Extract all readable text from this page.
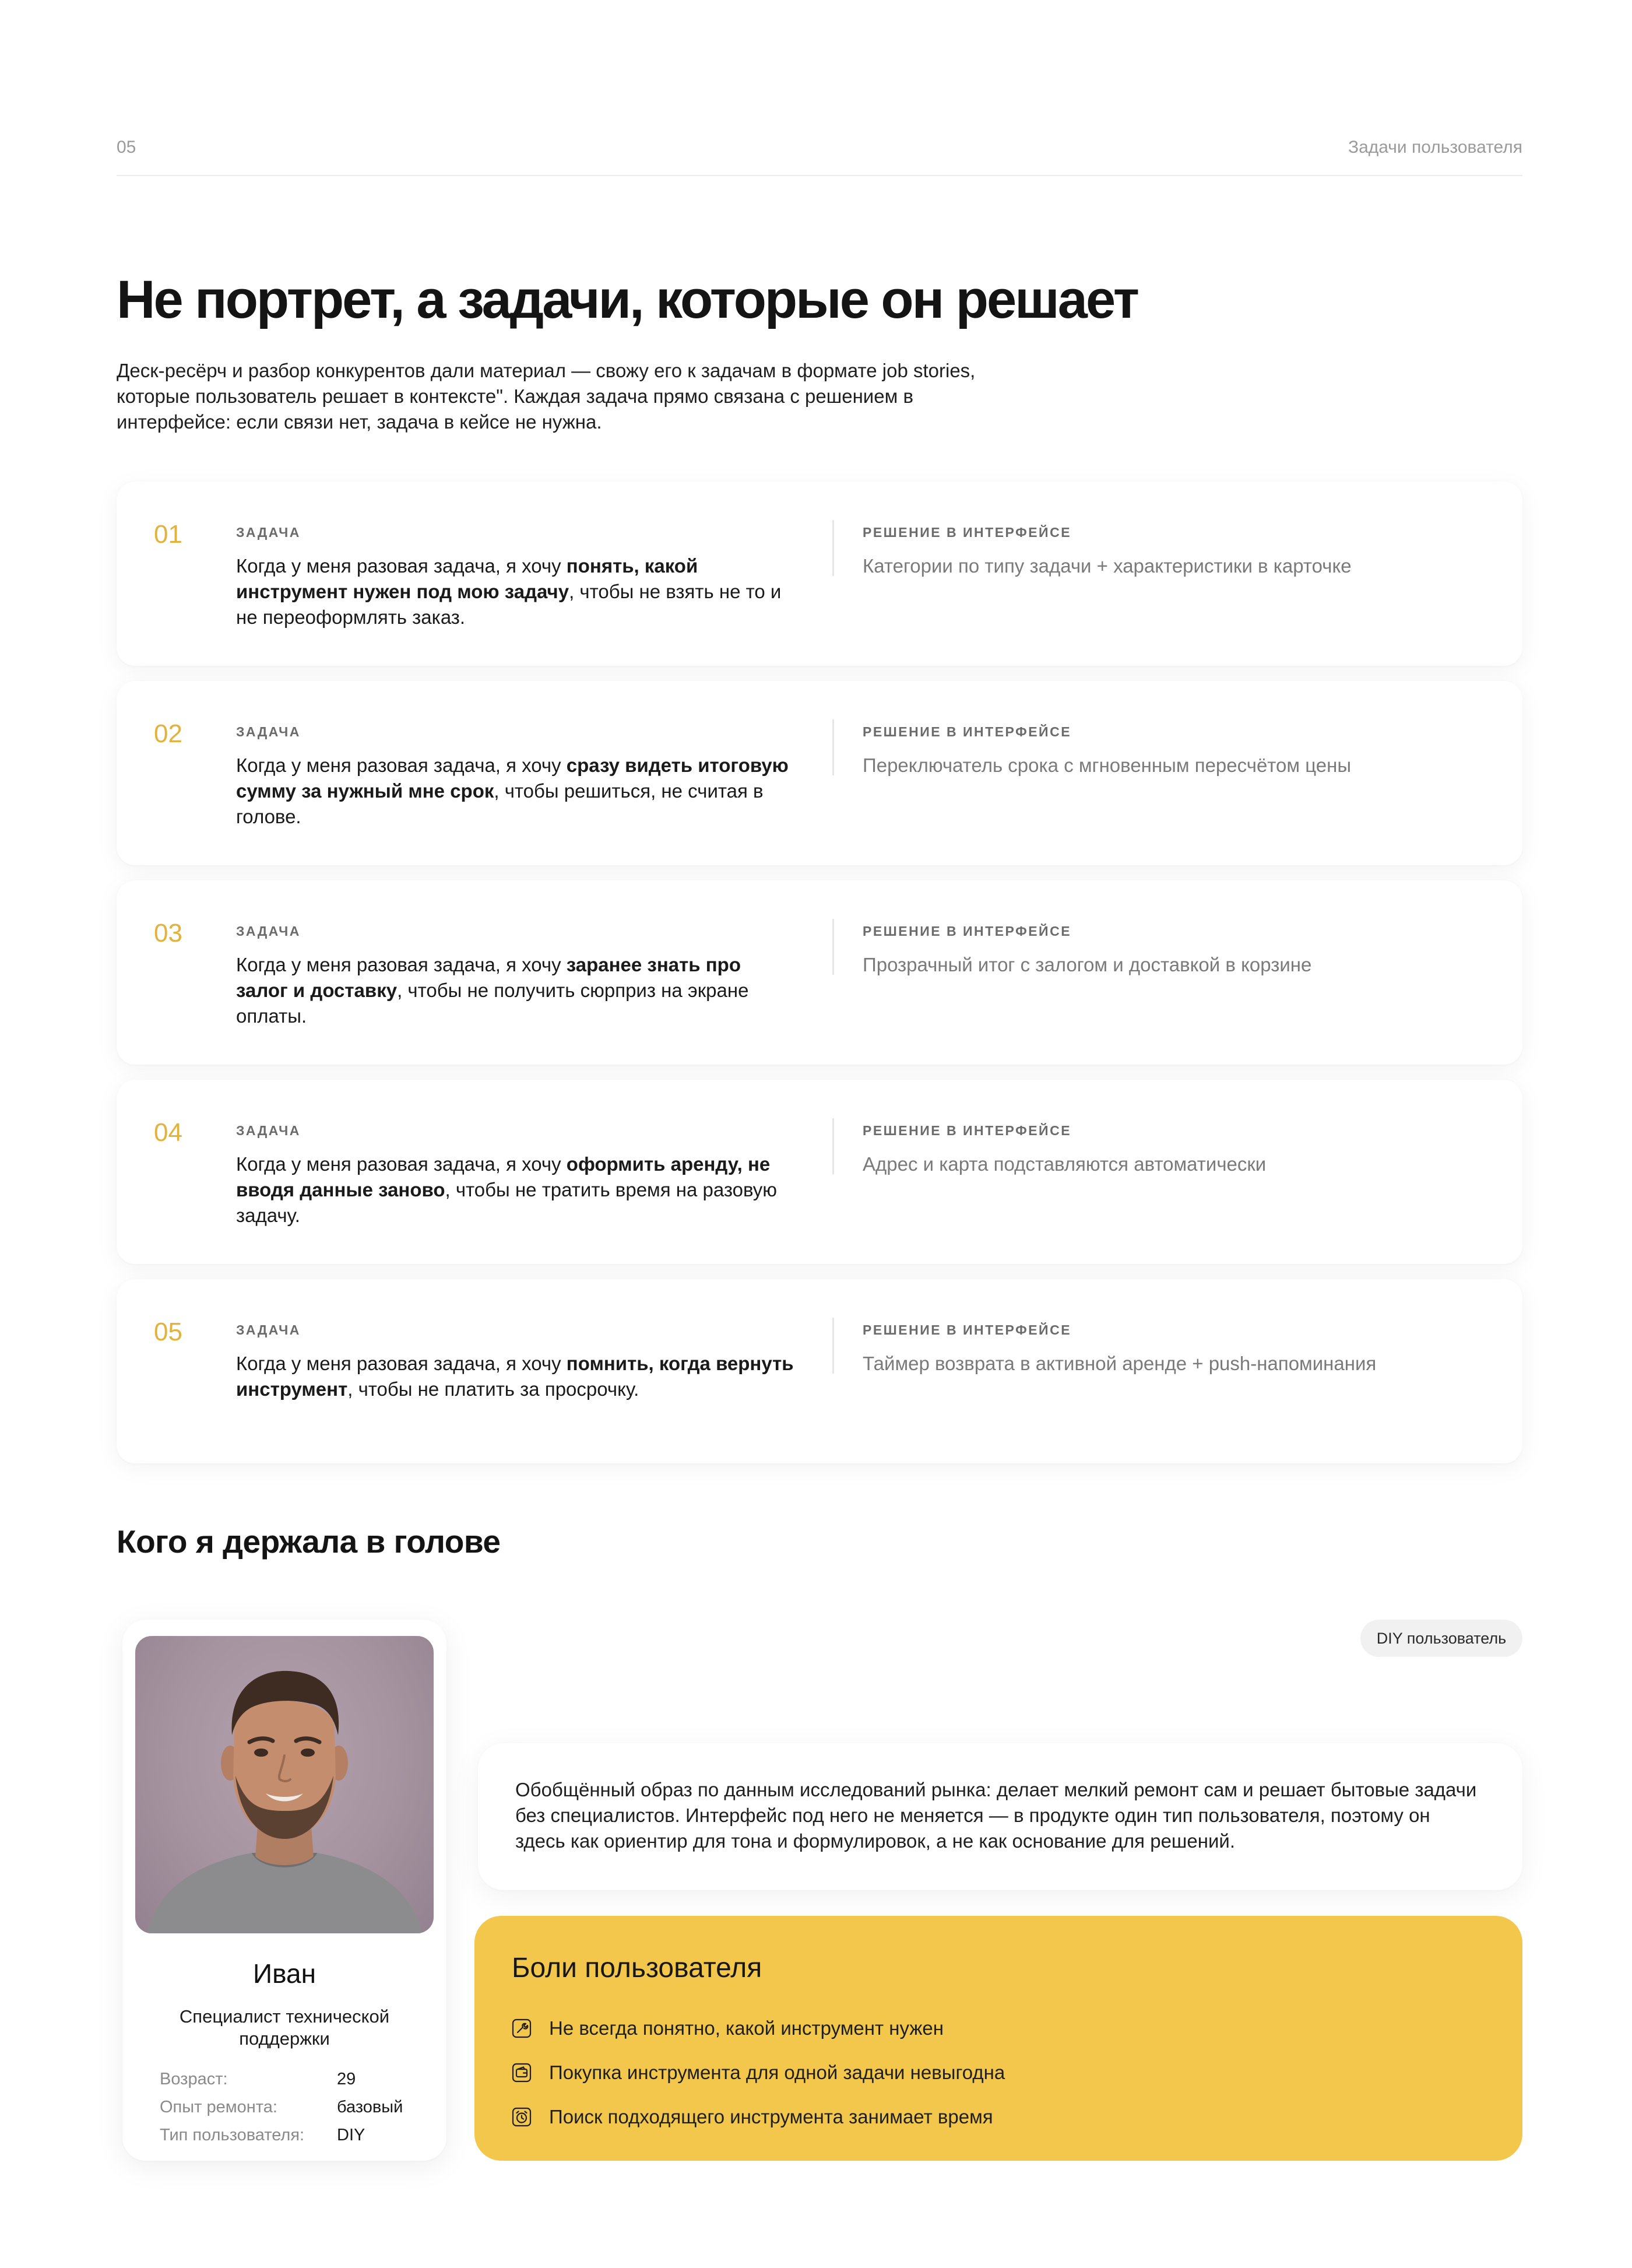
05	Задачи пользователя
Не портрет, а задачи, которые он решает

Деск-ресёрч и разбор конкурентов дали материал — свожу его к задачам в формате job stories, которые пользователь решает в контексте". Каждая задача прямо связана с решением в интерфейсе: если связи нет, задача в кейсе не нужна.

01	ЗАДАЧА
Когда у меня разовая задача, я хочу понять, какой инструмент нужен под мою задачу, чтобы не взять не то и не переоформлять заказ.
РЕШЕНИЕ В ИНТЕРФЕЙСЕ
Категории по типу задачи + характеристики в карточке
02	ЗАДАЧА
Когда у меня разовая задача, я хочу сразу видеть итоговую сумму за нужный мне срок, чтобы решиться, не считая в голове.
РЕШЕНИЕ В ИНТЕРФЕЙСЕ
Переключатель срока с мгновенным пересчётом цены
03	ЗАДАЧА
Когда у меня разовая задача, я хочу заранее знать про залог и доставку, чтобы не получить сюрприз на экране оплаты.
РЕШЕНИЕ В ИНТЕРФЕЙСЕ
Прозрачный итог с залогом и доставкой в корзине
04	ЗАДАЧА
Когда у меня разовая задача, я хочу оформить аренду, не вводя данные заново, чтобы не тратить время на разовую задачу.
РЕШЕНИЕ В ИНТЕРФЕЙСЕ
Адрес и карта подставляются автоматически
05	ЗАДАЧА
Когда у меня разовая задача, я хочу помнить, когда вернуть инструмент, чтобы не платить за просрочку.
РЕШЕНИЕ В ИНТЕРФЕЙСЕ
Таймер возврата в активной аренде + push-напоминания
Кого я держала в голове
Иван
Специалист технической поддержки
Возраст:	29
Опыт ремонта:	базовый
Тип пользователя:	DIY
DIY пользователь
Обобщённый образ по данным исследований рынка: делает мелкий ремонт сам и решает бытовые задачи без специалистов. Интерфейс под него не меняется — в продукте один тип пользователя, поэтому он здесь как ориентир для тона и формулировок, а не как основание для решений.
Боли пользователя
Не всегда понятно, какой инструмент нужен
Покупка инструмента для одной задачи невыгодна
Поиск подходящего инструмента занимает время
